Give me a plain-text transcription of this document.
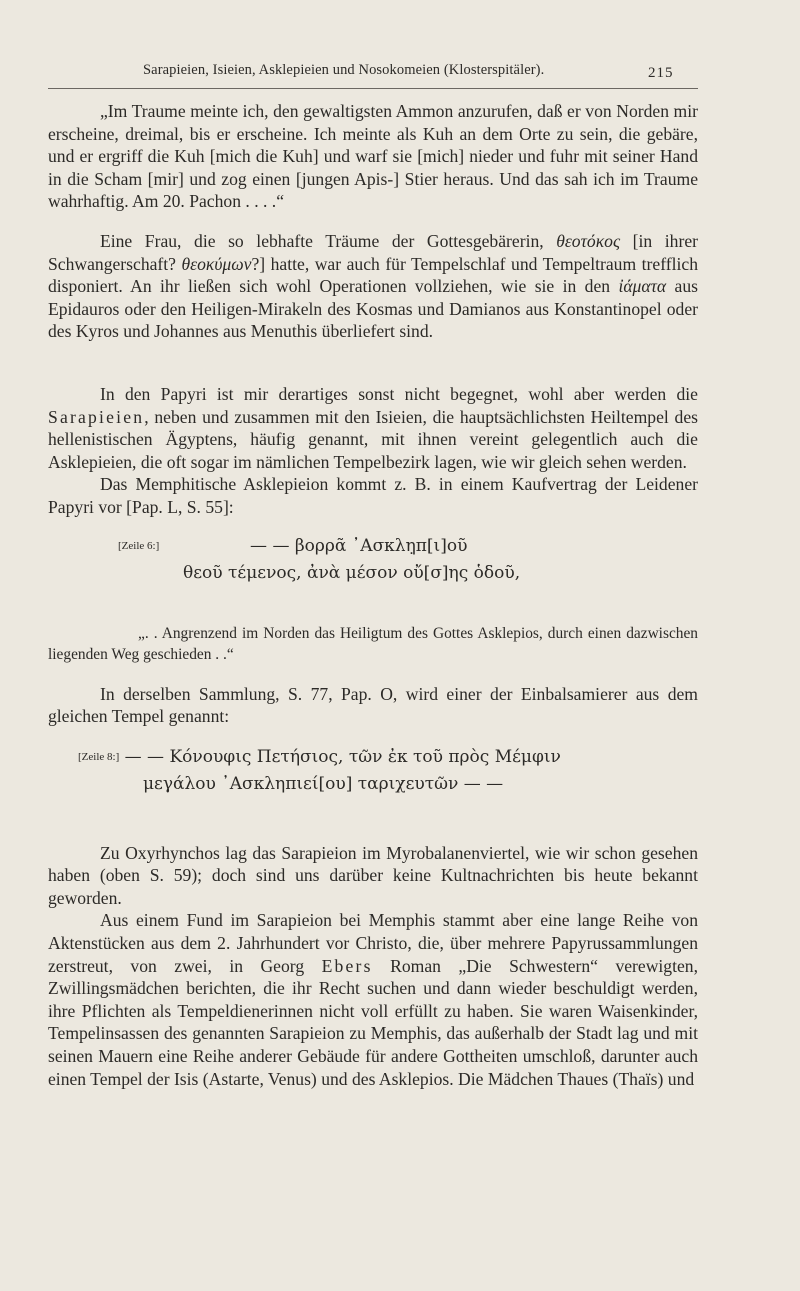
Sarapieien, Isieien, Asklepieien und Nosokomeien (Klosterspitäler).	215

„Im Traume meinte ich, den gewaltigsten Ammon anzurufen, daß er von Norden mir erscheine, dreimal, bis er erscheine. Ich meinte als Kuh an dem Orte zu sein, die gebäre, und er ergriff die Kuh [mich die Kuh] und warf sie [mich] nieder und fuhr mit seiner Hand in die Scham [mir] und zog einen [jungen Apis-] Stier heraus. Und das sah ich im Traume wahrhaftig. Am 20. Pachon . . . .“

Eine Frau, die so lebhafte Träume der Gottesgebärerin, θεοτόκος [in ihrer Schwangerschaft? θεοκύμων?] hatte, war auch für Tempelschlaf und Tempeltraum trefflich disponiert. An ihr ließen sich wohl Operationen vollziehen, wie sie in den ἰάματα aus Epidauros oder den Heiligen-Mirakeln des Kosmas und Damianos aus Konstantinopel oder des Kyros und Johannes aus Menuthis überliefert sind.

In den Papyri ist mir derartiges sonst nicht begegnet, wohl aber werden die Sarapieien, neben und zusammen mit den Isieien, die hauptsächlichsten Heiltempel des hellenistischen Ägyptens, häufig genannt, mit ihnen vereint gelegentlich auch die Asklepieien, die oft sogar im nämlichen Tempelbezirk lagen, wie wir gleich sehen werden.

Das Memphitische Asklepieion kommt z. B. in einem Kaufvertrag der Leidener Papyri vor [Pap. L, S. 55]:

[Zeile 6:]	— — βορρᾶ ᾿Ασκλη̣π[ι]οῦ
θεοῦ τέμενος, ἀνὰ μέσον οὔ[σ]ης ὁδοῦ,

„. . Angrenzend im Norden das Heiligtum des Gottes Asklepios, durch einen dazwischen liegenden Weg geschieden . .“

In derselben Sammlung, S. 77, Pap. O, wird einer der Einbalsamierer aus dem gleichen Tempel genannt:

[Zeile 8:] — — Κόνουφις Πετήσιος, τῶν ἐκ τοῦ πρὸς Μέμφιν
μεγάλου ᾿Ασκληπιεί[ου] ταριχευτῶν — —

Zu Oxyrhynchos lag das Sarapieion im Myrobalanenviertel, wie wir schon gesehen haben (oben S. 59); doch sind uns darüber keine Kultnachrichten bis heute bekannt geworden.

Aus einem Fund im Sarapieion bei Memphis stammt aber eine lange Reihe von Aktenstücken aus dem 2. Jahrhundert vor Christo, die, über mehrere Papyrussammlungen zerstreut, von zwei, in Georg Ebers Roman „Die Schwestern“ verewigten, Zwillingsmädchen berichten, die ihr Recht suchen und dann wieder beschuldigt werden, ihre Pflichten als Tempeldienerinnen nicht voll erfüllt zu haben. Sie waren Waisenkinder, Tempelinsassen des genannten Sarapieion zu Memphis, das außerhalb der Stadt lag und mit seinen Mauern eine Reihe anderer Gebäude für andere Gottheiten umschloß, darunter auch einen Tempel der Isis (Astarte, Venus) und des Asklepios. Die Mädchen Thaues (Thaïs) und
